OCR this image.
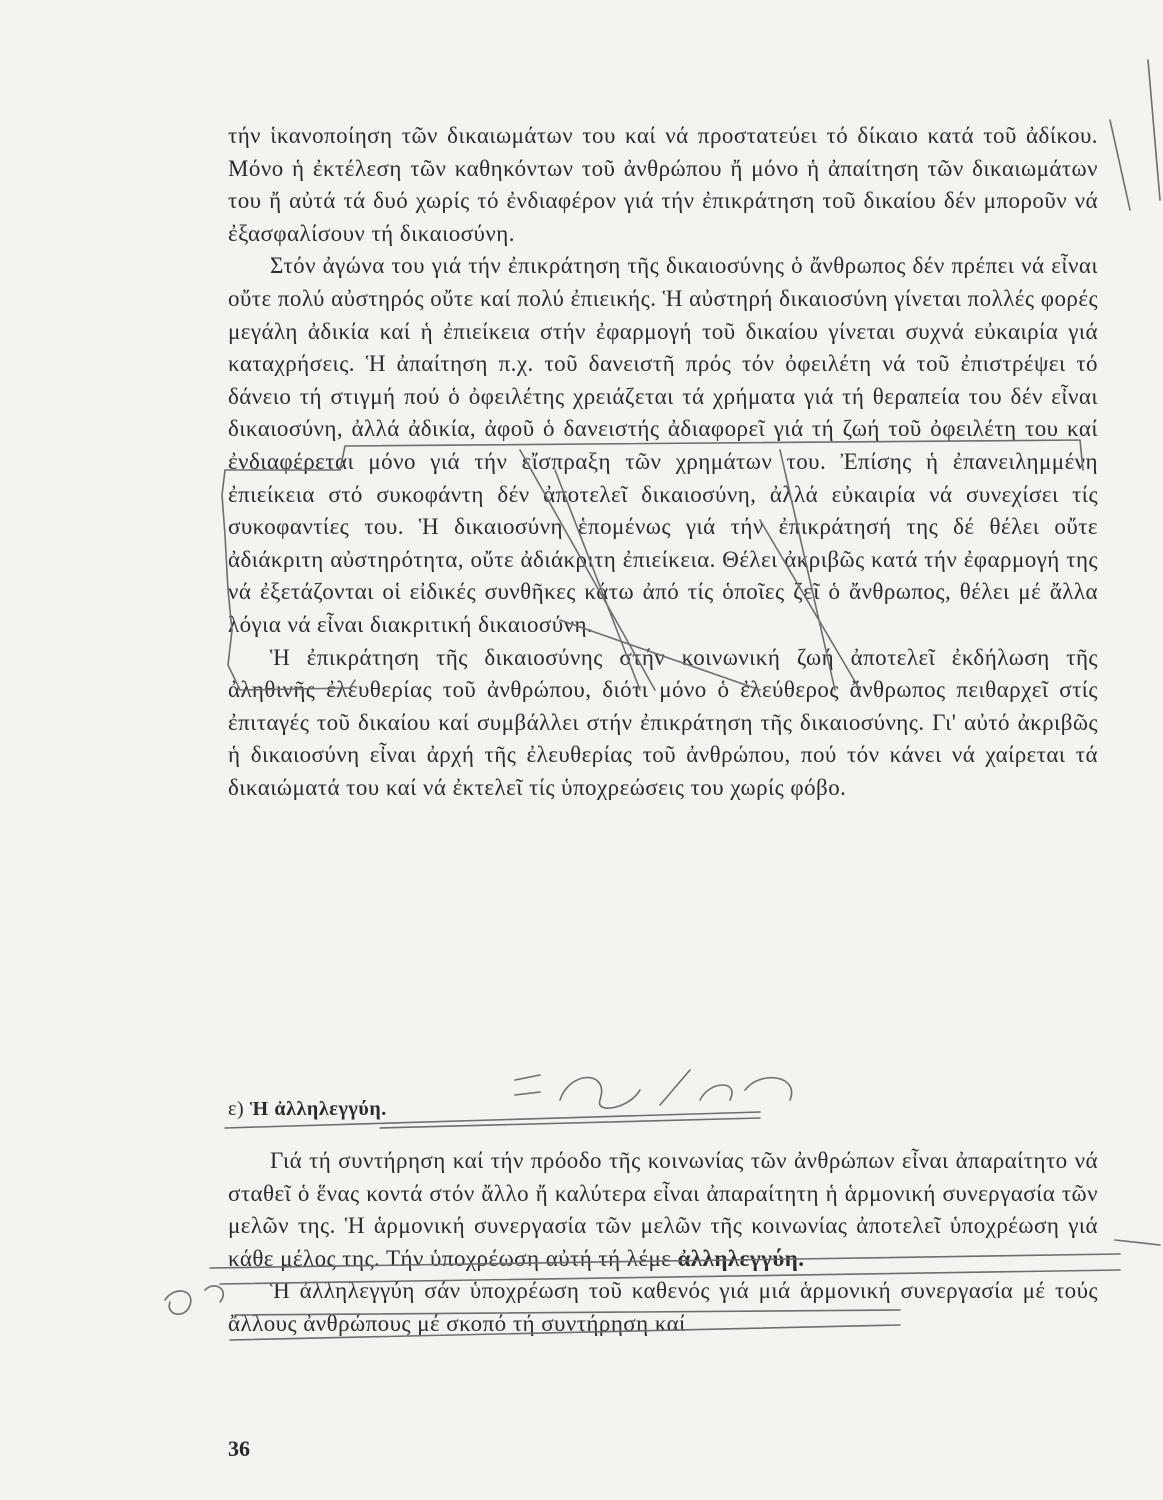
τήν ἱκανοποίηση τῶν δικαιωμάτων του καί νά προστατεύει τό δίκαιο κατά τοῦ ἀδίκου. Μόνο ἡ ἐκτέλεση τῶν καθηκόντων τοῦ ἀνθρώπου ἤ μόνο ἡ ἀπαίτηση τῶν δικαιωμάτων του ἤ αὐτά τά δυό χωρίς τό ἐνδιαφέρον γιά τήν ἐπικράτηση τοῦ δικαίου δέν μποροῦν νά ἐξασφαλίσουν τή δικαιοσύνη.

Στόν ἀγώνα του γιά τήν ἐπικράτηση τῆς δικαιοσύνης ὁ ἄνθρωπος δέν πρέπει νά εἶναι οὔτε πολύ αὐστηρός οὔτε καί πολύ ἐπιεικής. Ἡ αὐστηρή δικαιοσύνη γίνεται πολλές φορές μεγάλη ἀδικία καί ἡ ἐπιείκεια στήν ἐφαρμογή τοῦ δικαίου γίνεται συχνά εὐκαιρία γιά καταχρήσεις. Ἡ ἀπαίτηση π.χ. τοῦ δανειστῆ πρός τόν ὀφειλέτη νά τοῦ ἐπιστρέψει τό δάνειο τή στιγμή πού ὁ ὀφειλέτης χρειάζεται τά χρήματα γιά τή θεραπεία του δέν εἶναι δικαιοσύνη, ἀλλά ἀδικία, ἀφοῦ ὁ δανειστής ἀδιαφορεῖ γιά τή ζωή τοῦ ὀφειλέτη του καί ἐνδιαφέρεται μόνο γιά τήν εἴσπραξη τῶν χρημάτων του. Ἐπίσης ἡ ἐπανειλημμένη ἐπιείκεια στό συκοφάντη δέν ἀποτελεῖ δικαιοσύνη, ἀλλά εὐκαιρία νά συνεχίσει τίς συκοφαντίες του. Ἡ δικαιοσύνη ἑπομένως γιά τήν ἐπικράτησή της δέ θέλει οὔτε ἀδιάκριτη αὐστηρότητα, οὔτε ἀδιάκριτη ἐπιείκεια. Θέλει ἀκριβῶς κατά τήν ἐφαρμογή της νά ἐξετάζονται οἱ εἰδικές συνθῆκες κάτω ἀπό τίς ὁποῖες ζεῖ ὁ ἄνθρωπος, θέλει μέ ἄλλα λόγια νά εἶναι διακριτική δικαιοσύνη.

Ἡ ἐπικράτηση τῆς δικαιοσύνης στήν κοινωνική ζωή ἀποτελεῖ ἐκδήλωση τῆς ἀληθινῆς ἐλευθερίας τοῦ ἀνθρώπου, διότι μόνο ὁ ἐλεύθερος ἄνθρωπος πειθαρχεῖ στίς ἐπιταγές τοῦ δικαίου καί συμβάλλει στήν ἐπικράτηση τῆς δικαιοσύνης. Γι' αὐτό ἀκριβῶς ἡ δικαιοσύνη εἶναι ἀρχή τῆς ἐλευθερίας τοῦ ἀνθρώπου, πού τόν κάνει νά χαίρεται τά δικαιώματά του καί νά ἐκτελεῖ τίς ὑποχρεώσεις του χωρίς φόβο.

ε) Ἡ ἀλληλεγγύη.

Γιά τή συντήρηση καί τήν πρόοδο τῆς κοινωνίας τῶν ἀνθρώπων εἶναι ἀπαραίτητο νά σταθεῖ ὁ ἕνας κοντά στόν ἄλλο ἤ καλύτερα εἶναι ἀπαραίτητη ἡ ἁρμονική συνεργασία τῶν μελῶν της. Ἡ ἁρμονική συνεργασία τῶν μελῶν τῆς κοινωνίας ἀποτελεῖ ὑποχρέωση γιά κάθε μέλος της. Τήν ὑποχρέωση αὐτή τή λέμε ἀλληλεγγύη.

Ἡ ἀλληλεγγύη σάν ὑποχρέωση τοῦ καθενός γιά μιά ἁρμονική συνεργασία μέ τούς ἄλλους ἀνθρώπους μέ σκοπό τή συντήρηση καί

36
